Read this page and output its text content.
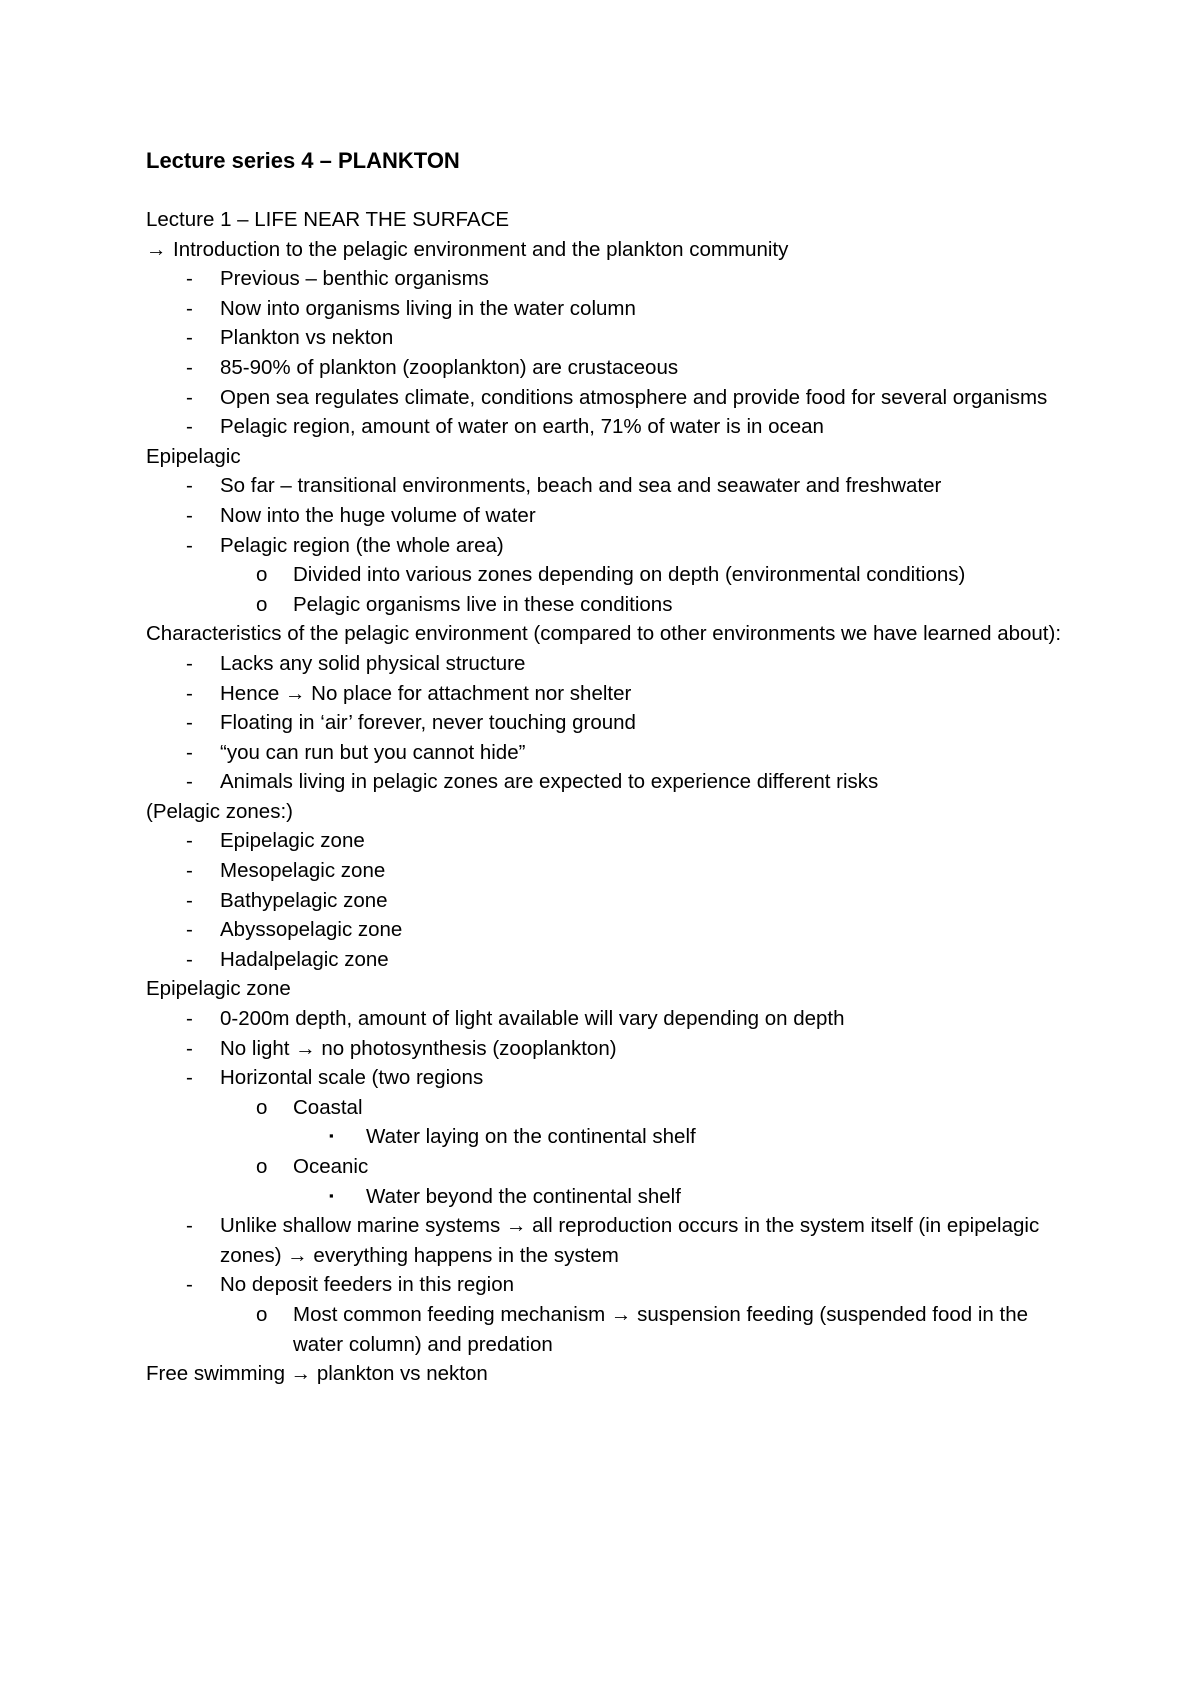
Lecture series 4 – PLANKTON
Lecture 1 – LIFE NEAR THE SURFACE
→ Introduction to the pelagic environment and the plankton community
- Previous – benthic organisms
- Now into organisms living in the water column
- Plankton vs nekton
- 85-90% of plankton (zooplankton) are crustaceous
- Open sea regulates climate, conditions atmosphere and provide food for several organisms
- Pelagic region, amount of water on earth, 71% of water is in ocean
Epipelagic
- So far – transitional environments, beach and sea and seawater and freshwater
- Now into the huge volume of water
- Pelagic region (the whole area)
o Divided into various zones depending on depth (environmental conditions)
o Pelagic organisms live in these conditions
Characteristics of the pelagic environment (compared to other environments we have learned about):
- Lacks any solid physical structure
- Hence → No place for attachment nor shelter
- Floating in ‘air’ forever, never touching ground
- “you can run but you cannot hide”
- Animals living in pelagic zones are expected to experience different risks
(Pelagic zones:)
- Epipelagic zone
- Mesopelagic zone
- Bathypelagic zone
- Abyssopelagic zone
- Hadalpelagic zone
Epipelagic zone
- 0-200m depth, amount of light available will vary depending on depth
- No light → no photosynthesis (zooplankton)
- Horizontal scale (two regions
o Coastal
▪ Water laying on the continental shelf
o Oceanic
▪ Water beyond the continental shelf
- Unlike shallow marine systems → all reproduction occurs in the system itself (in epipelagic zones) → everything happens in the system
- No deposit feeders in this region
o Most common feeding mechanism → suspension feeding (suspended food in the water column) and predation
Free swimming → plankton vs nekton
